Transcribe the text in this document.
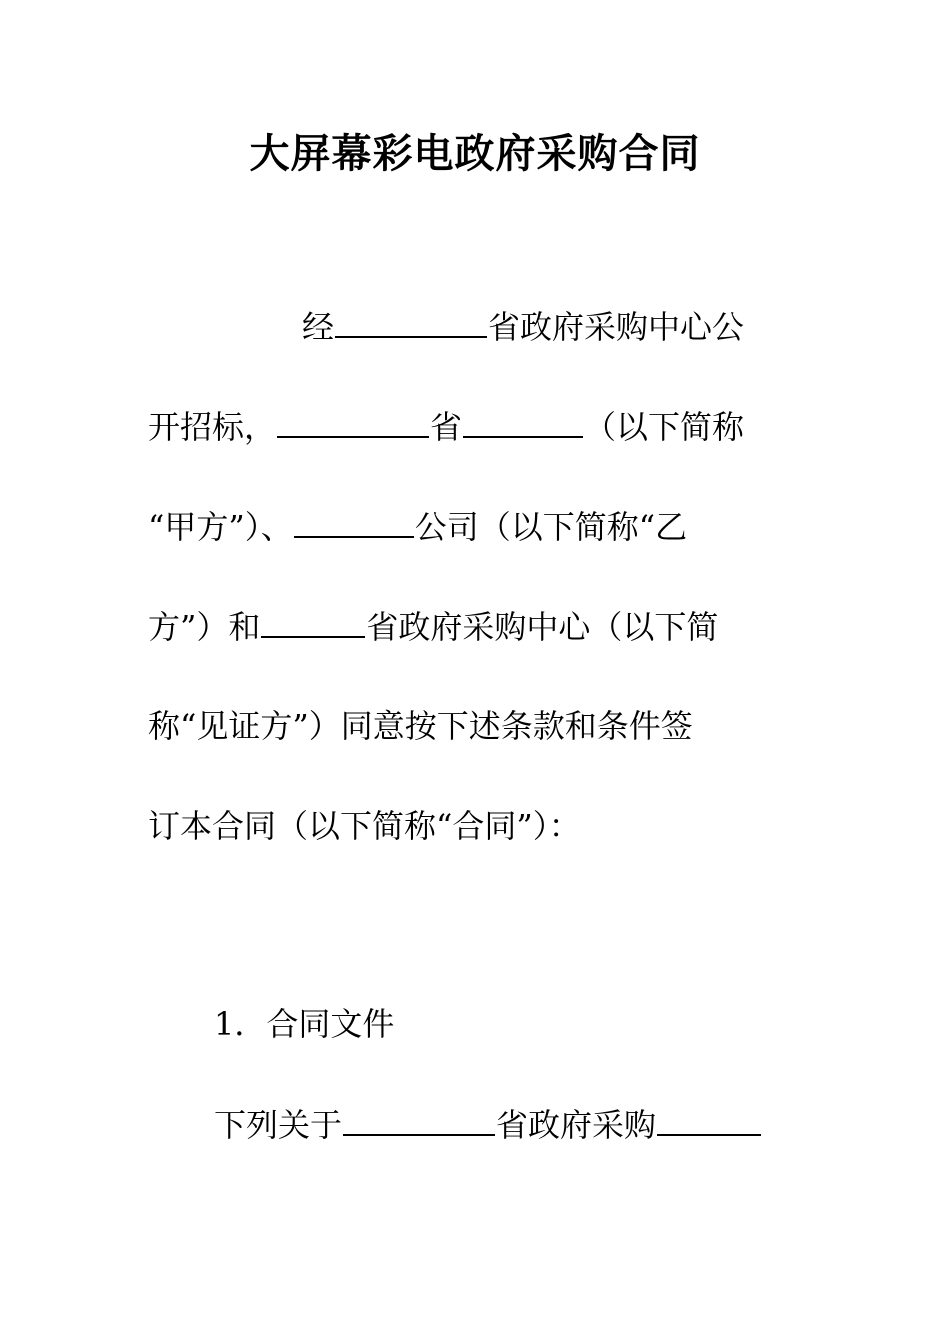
大屏幕彩电政府采购合同
经	省政府采购中心公
开招标，	省	（以下简称
“甲方”）、	公司（以下简称“乙
方”）和	省政府采购中心（以下简
称“见证方”）同意按下述条款和条件签
订本合同（以下简称“合同”）：
1．合同文件
下列关于	省政府采购
